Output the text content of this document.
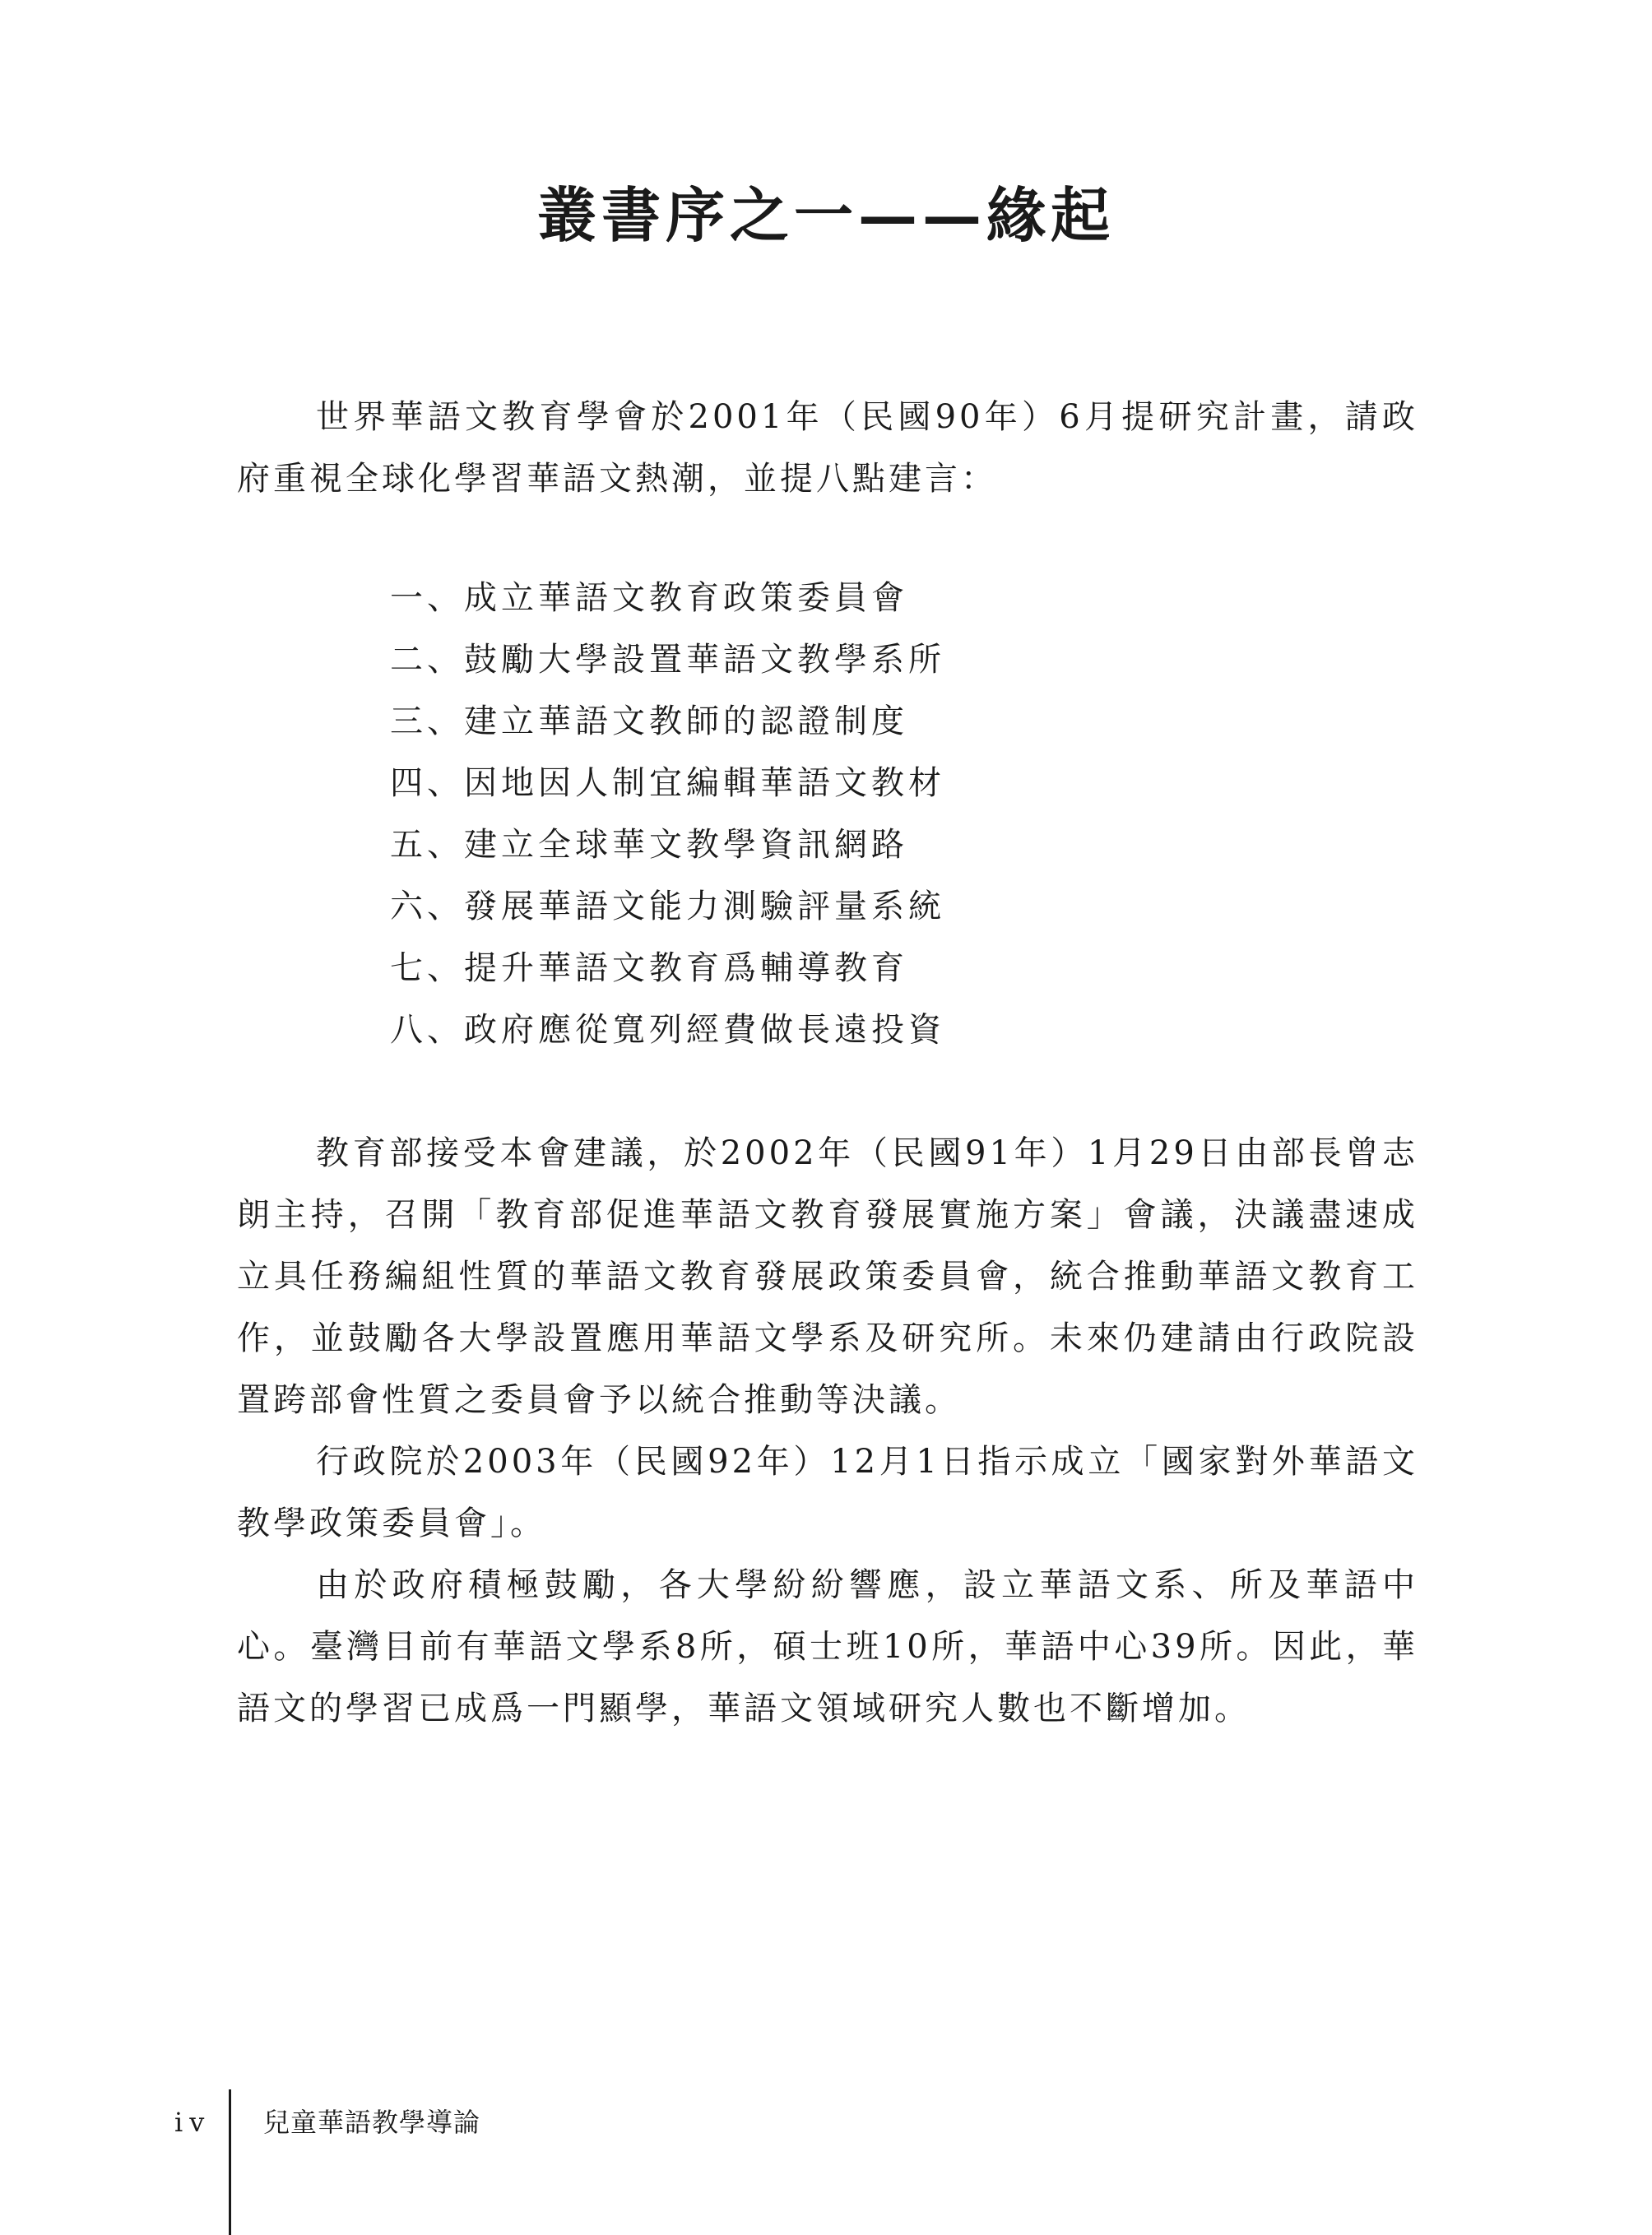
叢書序之一——緣起

世界華語文教育學會於2001年（民國90年）6月提研究計畫，請政府重視全球化學習華語文熱潮，並提八點建言：

一、成立華語文教育政策委員會
二、鼓勵大學設置華語文教學系所
三、建立華語文教師的認證制度
四、因地因人制宜編輯華語文教材
五、建立全球華文教學資訊網路
六、發展華語文能力測驗評量系統
七、提升華語文教育爲輔導教育
八、政府應從寬列經費做長遠投資

教育部接受本會建議，於2002年（民國91年）1月29日由部長曾志朗主持，召開「教育部促進華語文教育發展實施方案」會議，決議盡速成立具任務編組性質的華語文教育發展政策委員會，統合推動華語文教育工作，並鼓勵各大學設置應用華語文學系及研究所。未來仍建請由行政院設置跨部會性質之委員會予以統合推動等決議。

行政院於2003年（民國92年）12月1日指示成立「國家對外華語文教學政策委員會」。

由於政府積極鼓勵，各大學紛紛響應，設立華語文系、所及華語中心。臺灣目前有華語文學系8所，碩士班10所，華語中心39所。因此，華語文的學習已成爲一門顯學，華語文領域研究人數也不斷增加。

iv 兒童華語教學導論
